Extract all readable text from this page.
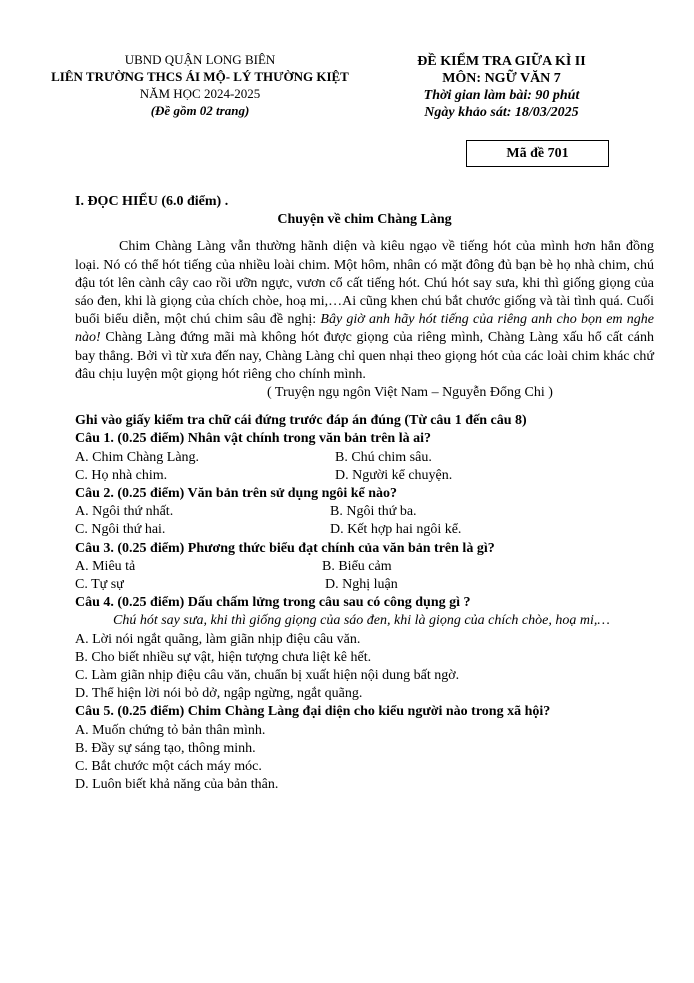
UBND QUẬN LONG BIÊN
LIÊN TRƯỜNG THCS ÁI MỘ- LÝ THƯỜNG KIỆT
NĂM HỌC 2024-2025
(Đề gồm 02 trang)
ĐỀ KIỂM TRA GIỮA KÌ II
MÔN: NGỮ VĂN 7
Thời gian làm bài: 90 phút
Ngày khảo sát: 18/03/2025
Mã đề 701

I. ĐỌC HIỂU (6.0 điểm) .

Chuyện về chim Chàng Làng

Chim Chàng Làng vẫn thường hãnh diện và kiêu ngạo về tiếng hót của mình hơn hẳn đồng loại. Nó có thể hót tiếng của nhiều loài chim. Một hôm, nhân có mặt đông đủ bạn bè họ nhà chim, chú đậu tót lên cành cây cao rồi ưỡn ngực, vươn cổ cất tiếng hót. Chú hót say sưa, khi thì giống giọng của sáo đen, khi là giọng của chích chòe, hoạ mi,…Ai cũng khen chú bắt chước giống và tài tình quá. Cuối buổi biểu diễn, một chú chim sâu đề nghị: Bây giờ anh hãy hót tiếng của riêng anh cho bọn em nghe nào! Chàng Làng đứng mãi mà không hót được giọng của riêng mình, Chàng Làng xấu hổ cất cánh bay thẳng. Bởi vì từ xưa đến nay, Chàng Làng chỉ quen nhại theo giọng hót của các loài chim khác chứ đâu chịu luyện một giọng hót riêng cho chính mình.

( Truyện ngụ ngôn Việt Nam – Nguyễn Đổng Chi )

Ghi vào giấy kiểm tra chữ cái đứng trước đáp án đúng (Từ câu 1 đến câu 8)

Câu 1. (0.25 điểm) Nhân vật chính trong văn bản trên là ai?

A. Chim Chàng Làng.	B. Chú chim sâu.
C. Họ nhà chim.	D. Người kể chuyện.

Câu 2. (0.25 điểm) Văn bản trên sử dụng ngôi kể nào?

A. Ngôi thứ nhất.	B. Ngôi thứ ba.
C. Ngôi thứ hai.	D. Kết hợp hai ngôi kể.

Câu 3. (0.25 điểm) Phương thức biểu đạt chính của văn bản trên là gì?

A. Miêu tả	B. Biểu cảm
C. Tự sự	D. Nghị luận

Câu 4. (0.25 điểm) Dấu chấm lửng trong câu sau có công dụng gì ?

Chú hót say sưa, khi thì giống giọng của sáo đen, khi là giọng của chích chòe, hoạ mi,…

A. Lời nói ngắt quãng, làm giãn nhịp điệu câu văn.

B. Cho biết nhiều sự vật, hiện tượng chưa liệt kê hết.

C. Làm giãn nhịp điệu câu văn, chuẩn bị xuất hiện nội dung bất ngờ.

D. Thể hiện lời nói bỏ dở, ngập ngừng, ngắt quãng.

Câu 5. (0.25 điểm) Chim Chàng Làng đại diện cho kiểu người nào trong xã hội?

A. Muốn chứng tỏ bản thân mình.

B. Đầy sự sáng tạo, thông minh.

C. Bắt chước một cách máy móc.

D. Luôn biết khả năng của bản thân.
